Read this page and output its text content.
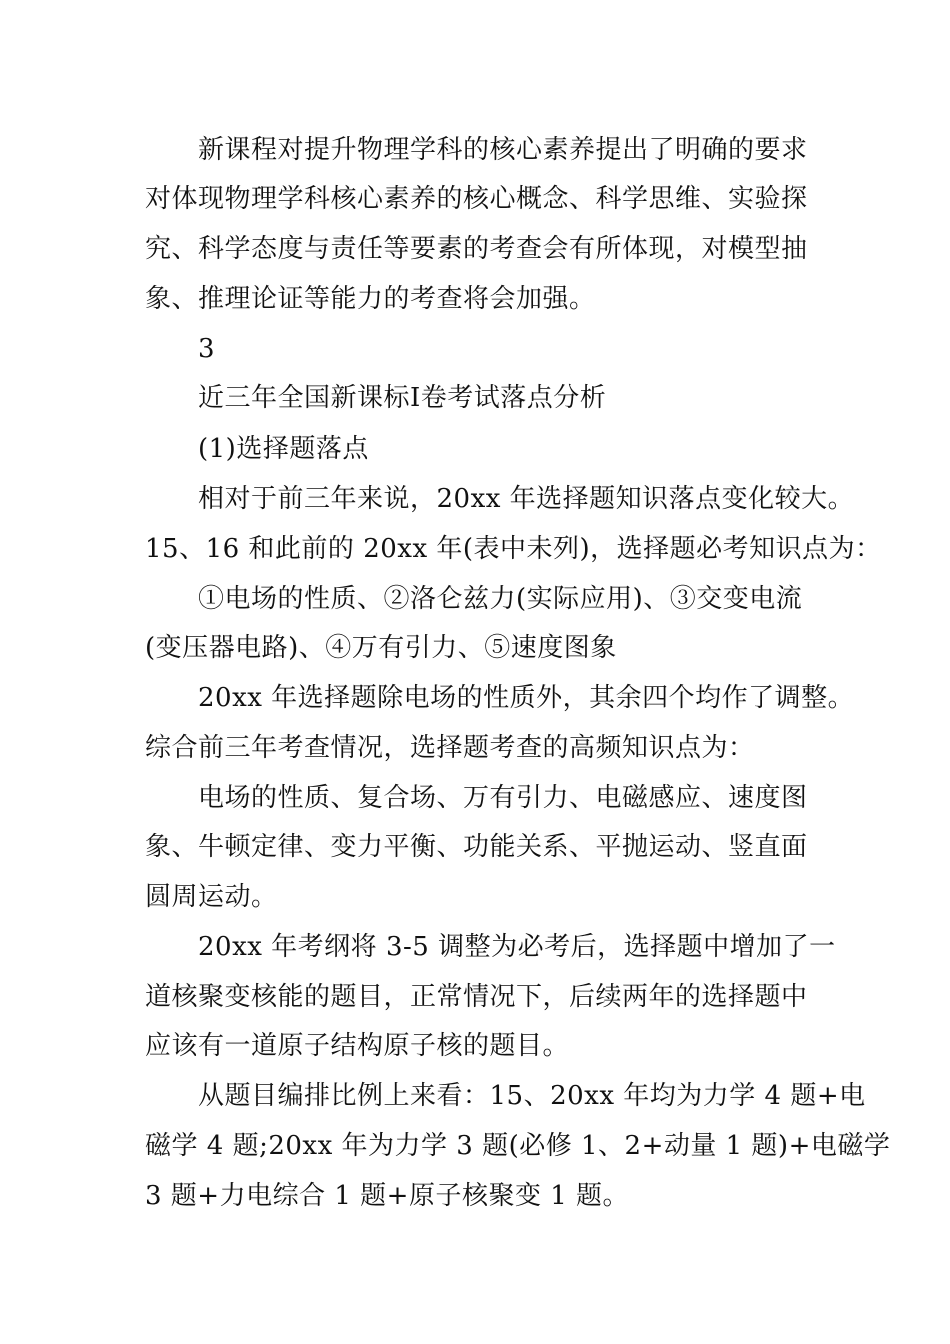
新课程对提升物理学科的核心素养提出了明确的要求
对体现物理学科核心素养的核心概念、科学思维、实验探
究、科学态度与责任等要素的考查会有所体现，对模型抽
象、推理论证等能力的考查将会加强。
3
近三年全国新课标Ⅰ卷考试落点分析
(1)选择题落点
相对于前三年来说，20xx 年选择题知识落点变化较大。
15、16 和此前的 20xx 年(表中未列)，选择题必考知识点为：
①电场的性质、②洛仑兹力(实际应用)、③交变电流
(变压器电路)、④万有引力、⑤速度图象
20xx 年选择题除电场的性质外，其余四个均作了调整。
综合前三年考查情况，选择题考查的高频知识点为：
电场的性质、复合场、万有引力、电磁感应、速度图
象、牛顿定律、变力平衡、功能关系、平抛运动、竖直面
圆周运动。
20xx 年考纲将 3-5 调整为必考后，选择题中增加了一
道核聚变核能的题目，正常情况下，后续两年的选择题中
应该有一道原子结构原子核的题目。
从题目编排比例上来看：15、20xx 年均为力学 4 题+电
磁学 4 题;20xx 年为力学 3 题(必修 1、2+动量 1 题)+电磁学
3 题+力电综合 1 题+原子核聚变 1 题。
